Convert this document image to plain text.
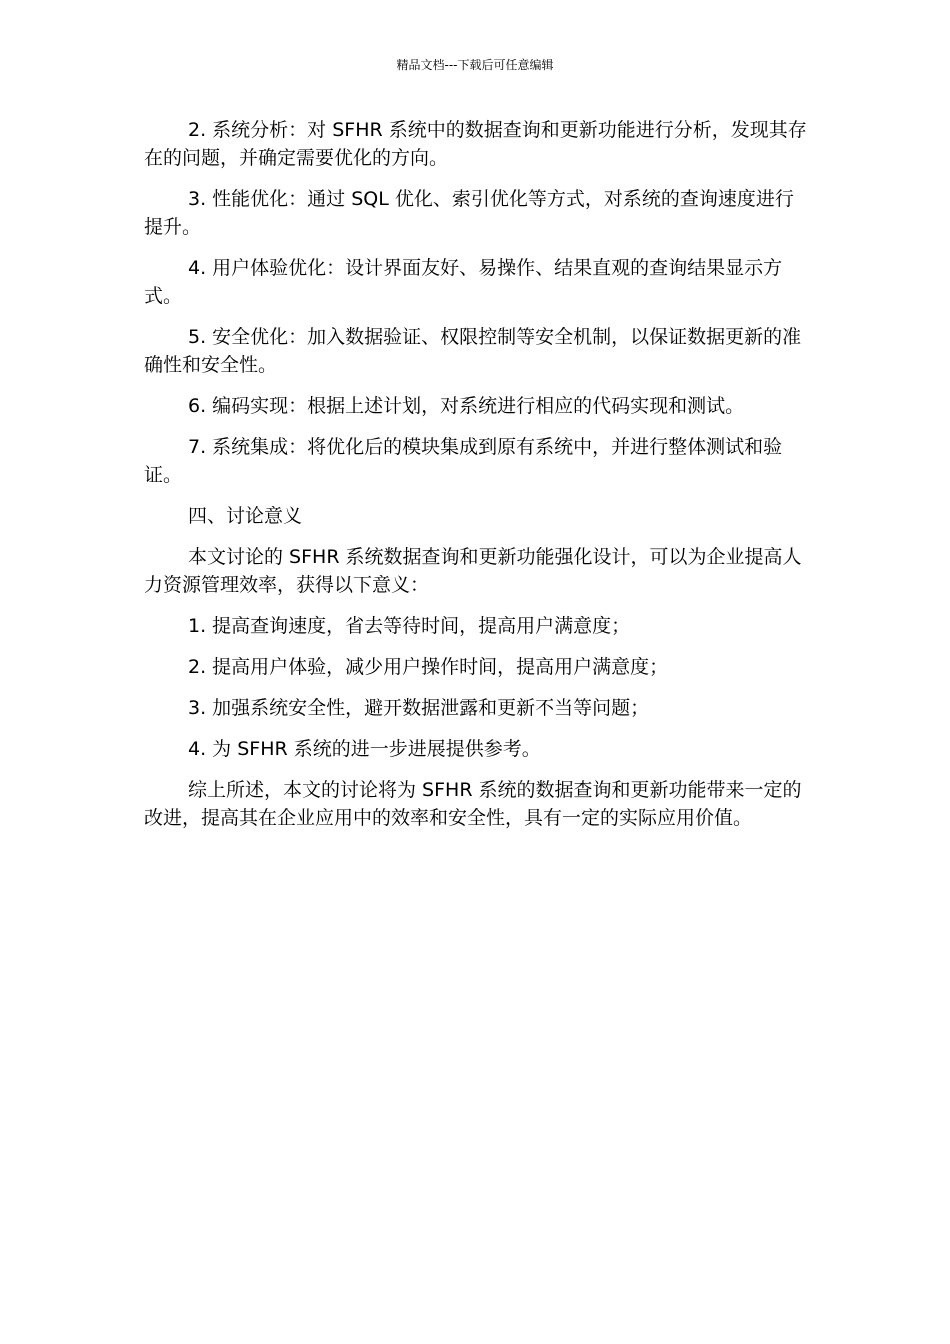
精品文档---下载后可任意编辑

2. 系统分析：对 SFHR 系统中的数据查询和更新功能进行分析，发现其存在的问题，并确定需要优化的方向。

3. 性能优化：通过 SQL 优化、索引优化等方式，对系统的查询速度进行提升。

4. 用户体验优化：设计界面友好、易操作、结果直观的查询结果显示方式。

5. 安全优化：加入数据验证、权限控制等安全机制，以保证数据更新的准确性和安全性。

6. 编码实现：根据上述计划，对系统进行相应的代码实现和测试。

7. 系统集成：将优化后的模块集成到原有系统中，并进行整体测试和验证。

四、讨论意义

本文讨论的 SFHR 系统数据查询和更新功能强化设计，可以为企业提高人力资源管理效率，获得以下意义：

1. 提高查询速度，省去等待时间，提高用户满意度；

2. 提高用户体验，减少用户操作时间，提高用户满意度；

3. 加强系统安全性，避开数据泄露和更新不当等问题；

4. 为 SFHR 系统的进一步进展提供参考。

综上所述，本文的讨论将为 SFHR 系统的数据查询和更新功能带来一定的改进，提高其在企业应用中的效率和安全性，具有一定的实际应用价值。
